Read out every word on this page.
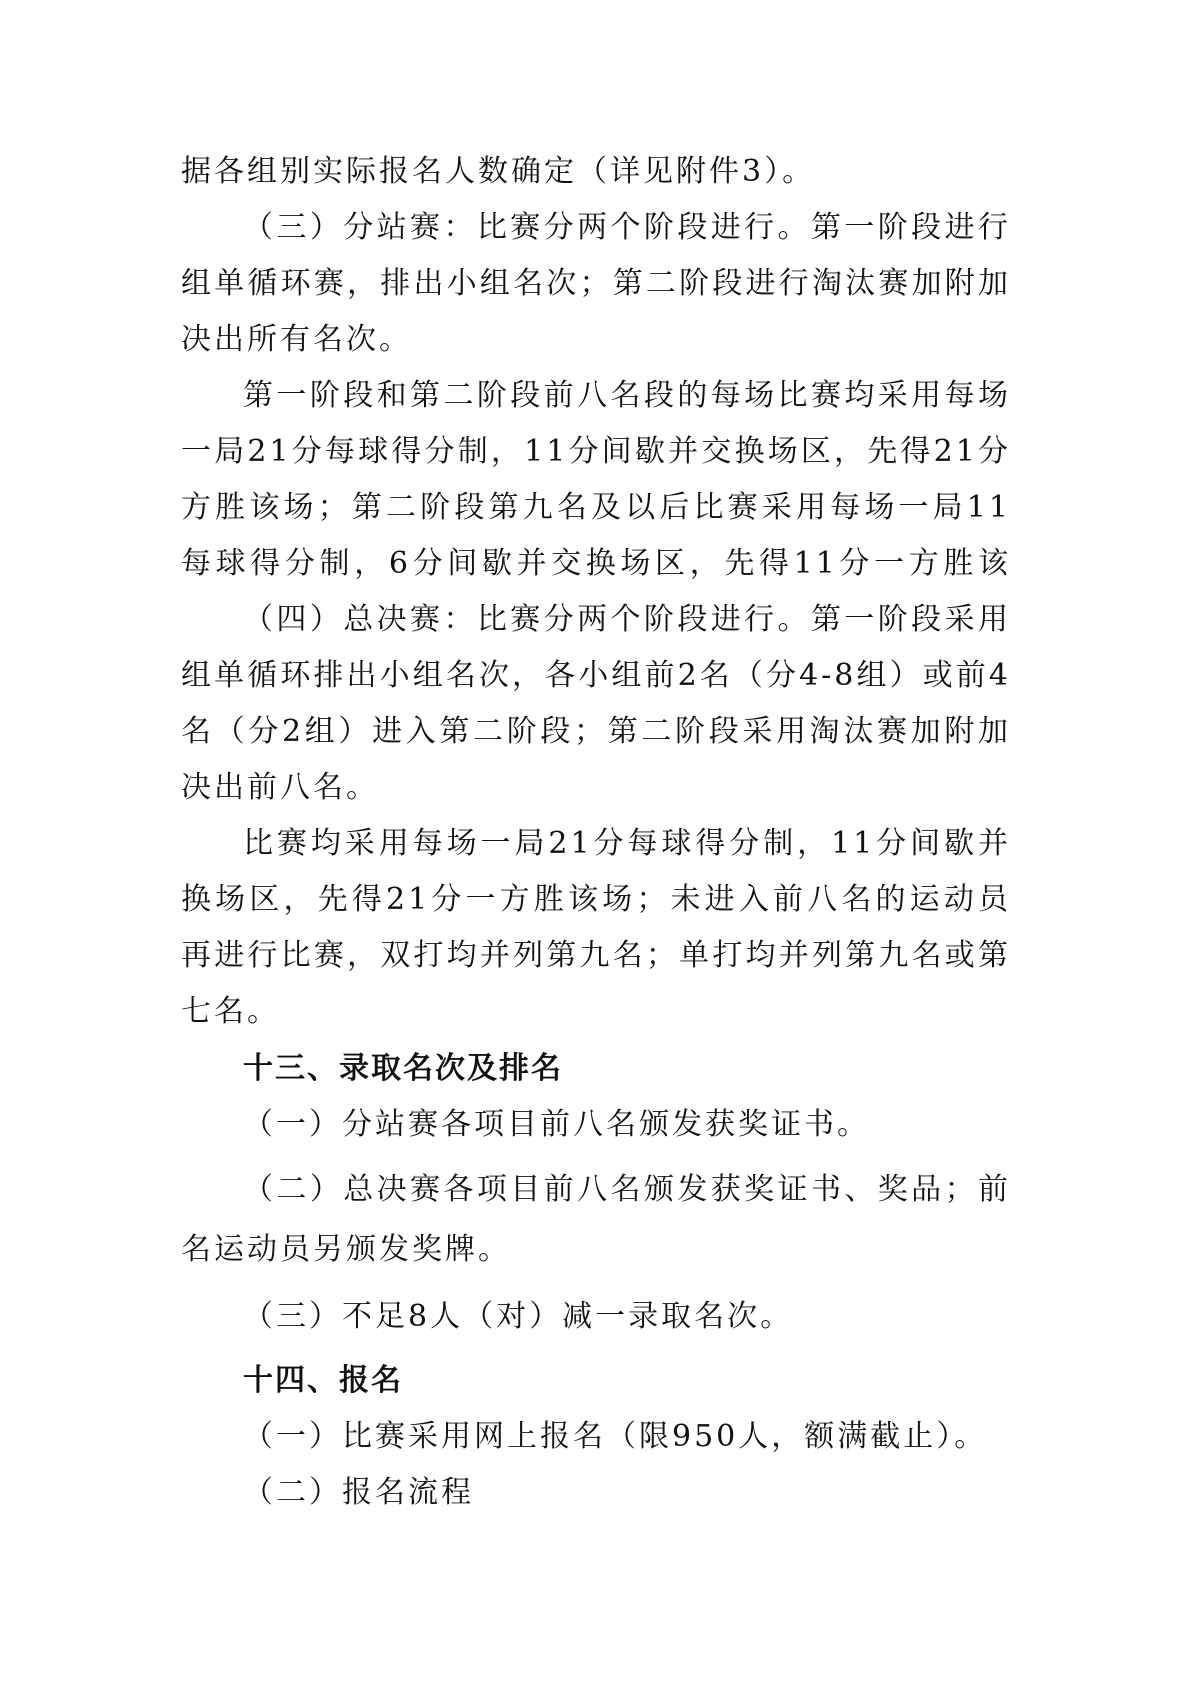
据各组别实际报名人数确定（详见附件3）。
（三）分站赛：比赛分两个阶段进行。第一阶段进行
组单循环赛，排出小组名次；第二阶段进行淘汰赛加附加
决出所有名次。
第一阶段和第二阶段前八名段的每场比赛均采用每场
一局21分每球得分制，11分间歇并交换场区，先得21分
方胜该场；第二阶段第九名及以后比赛采用每场一局11
每球得分制，6分间歇并交换场区，先得11分一方胜该
（四）总决赛：比赛分两个阶段进行。第一阶段采用
组单循环排出小组名次，各小组前2名（分4-8组）或前4
名（分2组）进入第二阶段；第二阶段采用淘汰赛加附加
决出前八名。
比赛均采用每场一局21分每球得分制，11分间歇并
换场区，先得21分一方胜该场；未进入前八名的运动员
再进行比赛，双打均并列第九名；单打均并列第九名或第
七名。
十三、录取名次及排名
（一）分站赛各项目前八名颁发获奖证书。
（二）总决赛各项目前八名颁发获奖证书、奖品；前
名运动员另颁发奖牌。
（三）不足8人（对）减一录取名次。
十四、报名
（一）比赛采用网上报名（限950人，额满截止）。
（二）报名流程
